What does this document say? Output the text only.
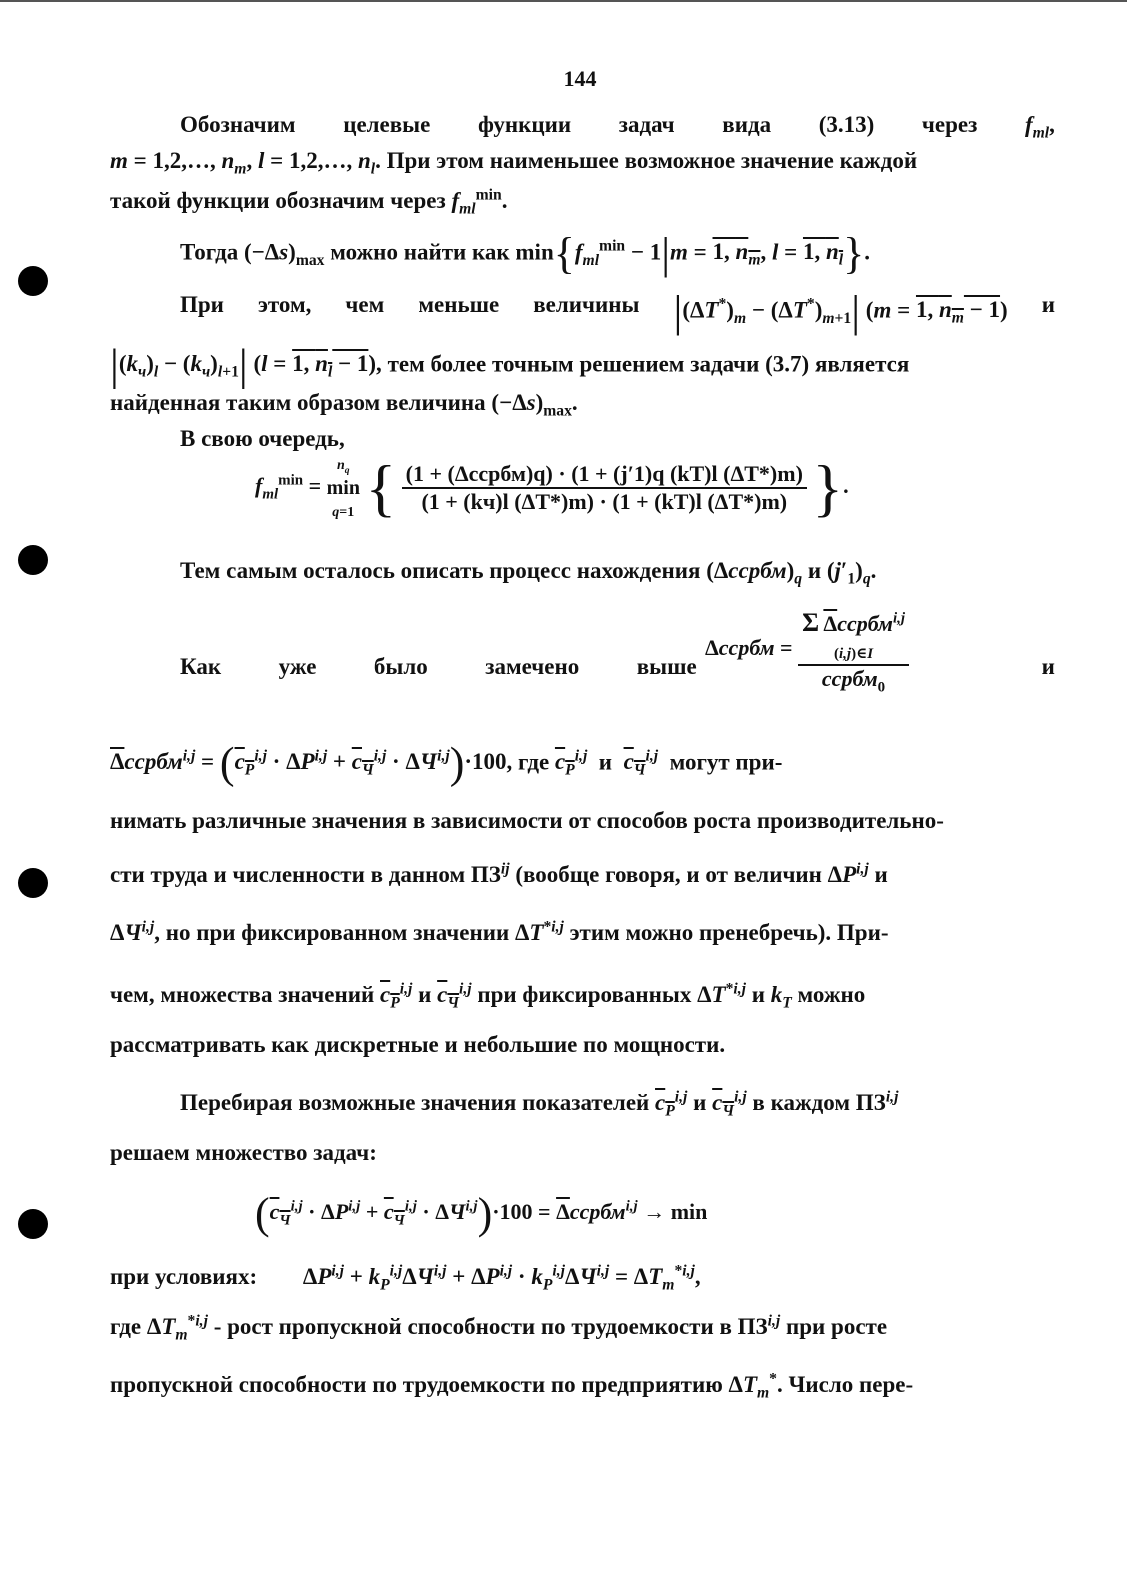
144
Обозначим целевые функции задач вида (3.13) через $f_{ml}$,
m = 1,2,…, $n_m$, l = 1,2,…, $n_l$. При этом наименьшее возможное значение каждой
такой функции обозначим через $f_{ml}^{min}$.
Тогда $(-\Delta s)_{max}$ можно найти как $\min\{f_{ml}^{min} - 1|m = 1$, $n_m$, l = 1, $n_l$}.
При этом, чем меньше величины $|(\Delta T^*)_m - (\Delta T^*)_{m+1}|$ (m = 1, $n_m - 1$) и
$|(k_ч)_l - (k_ч)_{l+1}|$ (l = 1, $n_l - 1$), тем более точным решением задачи (3.7) является
найденная таким образом величина $(-\Delta s)_{max}$.
В свою очередь,
$f_{ml}^{min} = n_q$
min
q=1 { $\frac{\text{(1 + (Δссрбм)q) · (1 + (j′1)q (kT)l (ΔT*)m)}}{(1 + (kч)l (\Delta T*)m) \cdot (1 + (kT)l (\Delta T*)m)}$ }.
Тем самым осталось описать процесс нахождения $(\Delta ссрбм)_q$ и $(j'_1)_q$.
Как уже было замечено выше	и
Δссрбм =
Σ $\overline{\Delta}ссрбм^{i,j}$
(i,j)∈I
ссрбм$_0$
$\overline{\Delta}ссрбм^{i,j} = (c_P^{i,j} \cdot \Delta P^{i,j} + c_Ч^{i,j} \cdot \Delta Ч^{i,j})\cdot 100$, где $c_P^{i,j}$  и  $c_Ч^{i,j}$  могут при-
нимать различные значения в зависимости от способов роста производительно-
сти труда и численности в данном $ПЗ^{ij}$ (вообще говоря, и от величин ΔP$^{i,j}$ и
ΔЧ$^{i,j}$, но при фиксированном значении ΔT$^{*i,j}$ этим можно пренебречь). При-
чем, множества значений $c_P^{i,j}$ и $c_Ч^{i,j}$ при фиксированных ΔT$^{*i,j}$ и $k_T$ можно
рассматривать как дискретные и небольшие по мощности.
Перебирая возможные значения показателей $c_P^{i,j}$ и $c_Ч^{i,j}$ в каждом ПЗ$^{i,j}$
решаем множество задач:
$(c_Ч^{i,j} \cdot \Delta P^{i,j} + c_Ч^{i,j} \cdot \Delta Ч^{i,j})\cdot 100$ = $\overline{\Delta}ссрбм^{i,j} \to \min$
при условиях: $\Delta P^{i,j} + k_P^{i,j}\Delta Ч^{i,j} + \Delta P^{i,j} \cdot k_P^{i,j}\Delta Ч^{i,j} = \Delta T_m^{*i,j}$,
где $\Delta T_m^{*i,j}$ - рост пропускной способности по трудоемкости в ПЗ$^{i,j}$ при росте
пропускной способности по трудоемкости по предприятию $\Delta T_m^*$. Число пере-
